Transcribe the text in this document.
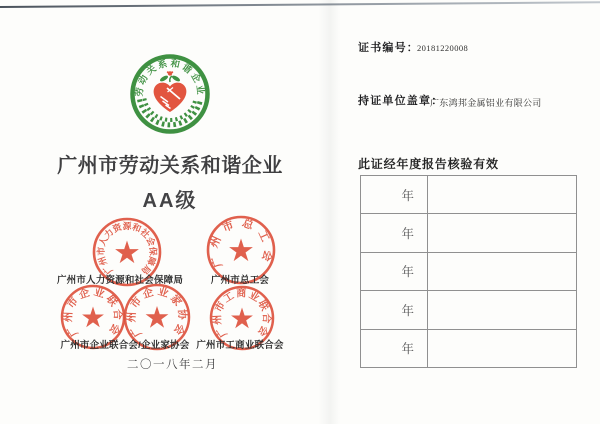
劳动关系和谐企业
广州市劳动关系和谐企业
AA级
广州市人力资源和社会保障局
广州市总工会
广州市企业联合会 广州市企业家协会	广州市工商业联合会
广州市人力资源和社会保障局	广州市总工会
广州市企业联合会/企业家协会 广州市工商业联合会
二〇一八年二月
证书编号：
20181220008
持证单位盖章：
广东鸿邦金属铝业有限公司
此证经年度报告核验有效
年	
年	
年	
年	
年	
